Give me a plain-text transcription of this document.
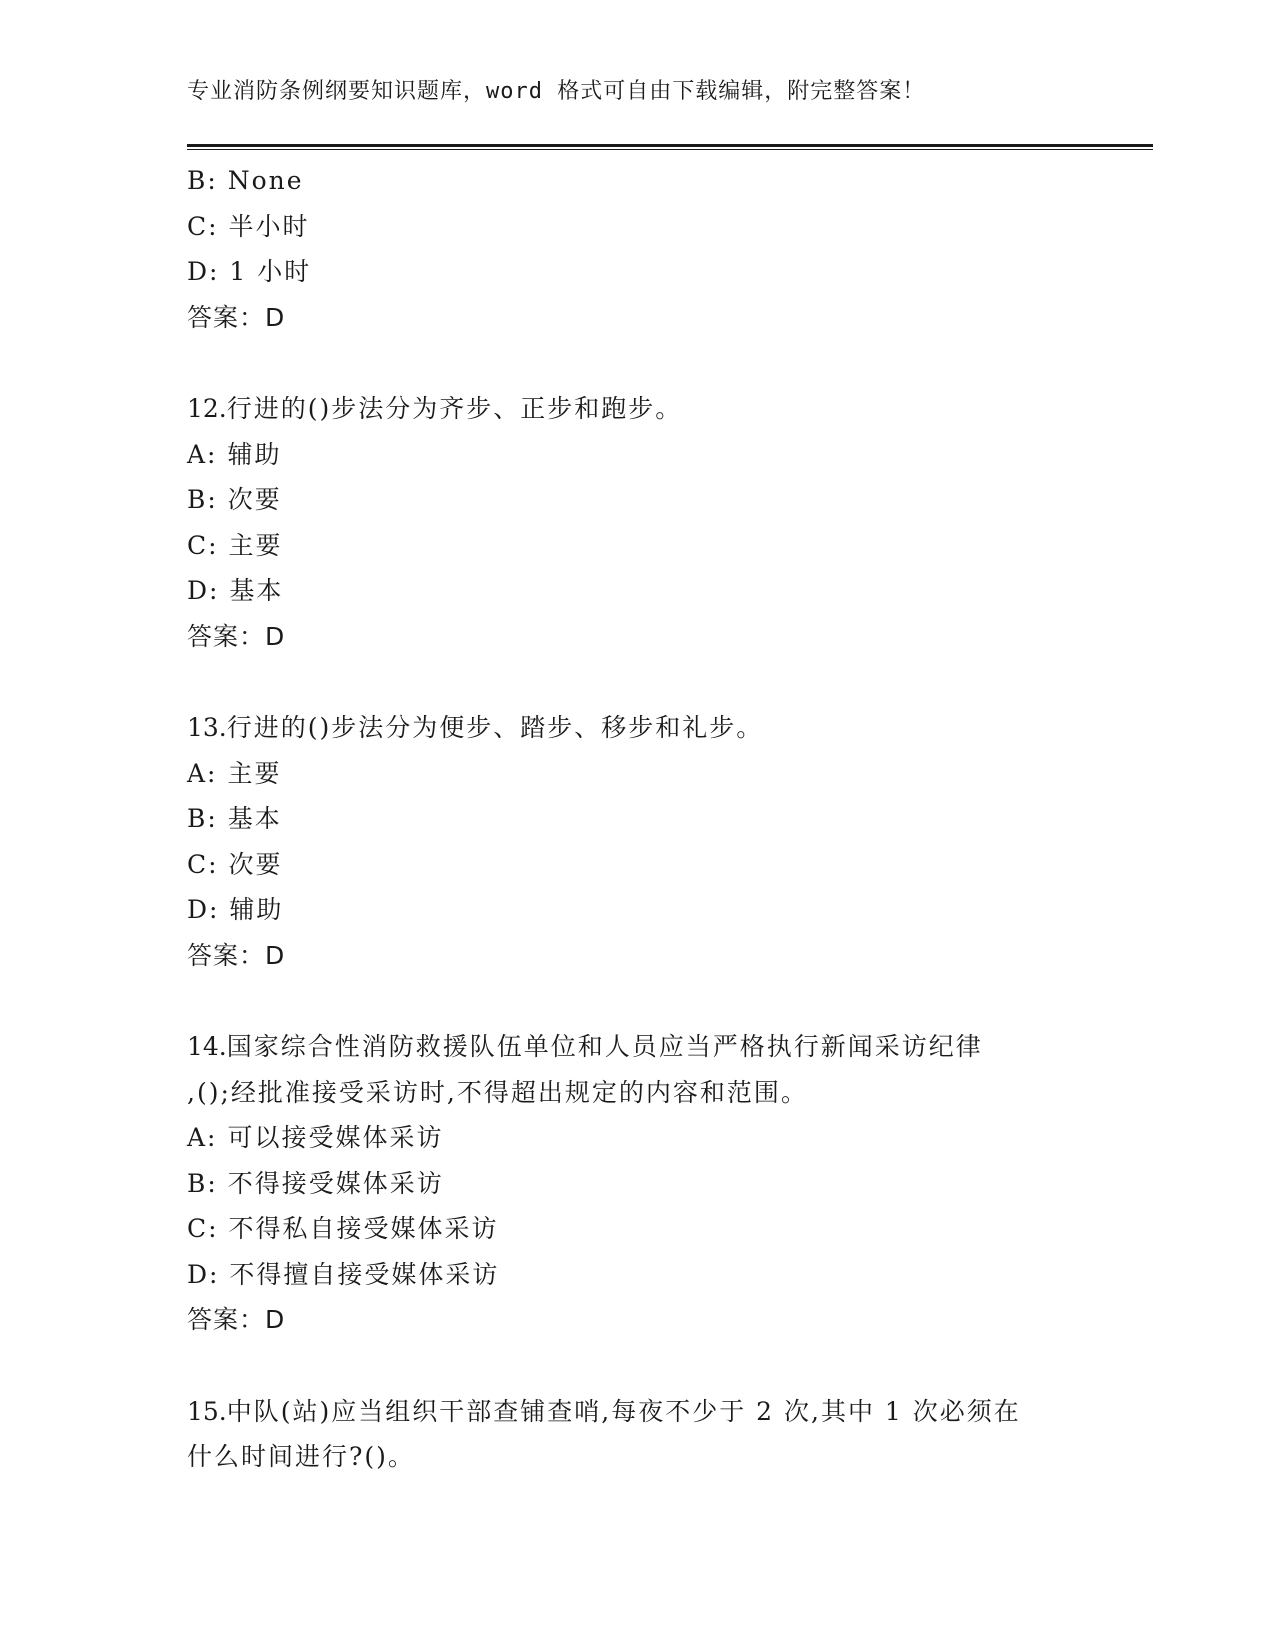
专业消防条例纲要知识题库，word 格式可自由下载编辑，附完整答案！
B: None
C: 半小时
D: 1 小时
答案：D
12.行进的()步法分为齐步、正步和跑步。
A: 辅助
B: 次要
C: 主要
D: 基本
答案：D
13.行进的()步法分为便步、踏步、移步和礼步。
A: 主要
B: 基本
C: 次要
D: 辅助
答案：D
14.国家综合性消防救援队伍单位和人员应当严格执行新闻采访纪律
,();经批准接受采访时,不得超出规定的内容和范围。
A: 可以接受媒体采访
B: 不得接受媒体采访
C: 不得私自接受媒体采访
D: 不得擅自接受媒体采访
答案：D
15.中队(站)应当组织干部查铺查哨,每夜不少于 2 次,其中 1 次必须在
什么时间进行?()。
